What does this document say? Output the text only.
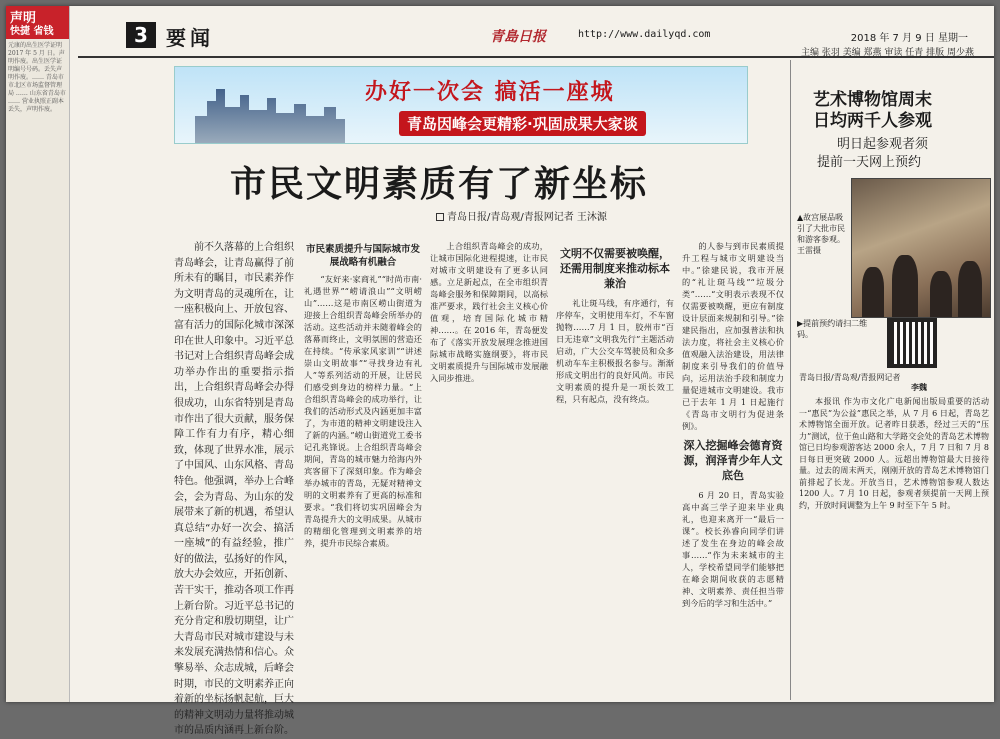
声明
快捷 省钱
元康的出生医学证明 2017 年 5 月 日。声明作废。出生医学证明编号号码。丢失声明作废。…… 青岛市市北区市场监督管理局 …… 山东省青岛市 …… 营业执照正副本丢失，声明作废。
3 要闻	青島日报	http://www.dailyqd.com	2018 年 7 月 9 日 星期一
主编 张羽 美编 郑燕 审读 任青 排版 周少燕
办好一次会 搞活一座城
青岛因峰会更精彩·巩固成果大家谈
市民文明素质有了新坐标
青岛日报/青岛观/青报网记者 王沐源

前不久落幕的上合组织青岛峰会，让青岛赢得了前所未有的瞩目，市民素养作为文明青岛的灵魂所在，让一座积极向上、开放包容、富有活力的国际化城市深深印在世人印象中。习近平总书记对上合组织青岛峰会成功举办作出的重要指示指出，上合组织青岛峰会办得很成功，山东省特别是青岛市作出了很大贡献，服务保障工作有力有序，精心细致，体现了世界水准，展示了中国风、山东风格、青岛特色。他强调，举办上合峰会，会为青岛、为山东的发展带来了新的机遇，希望认真总结“办好一次会、搞活一座城”的有益经验，推广好的做法，弘扬好的作风，放大办会效应，开拓创新、苦干实干，推动各项工作再上新台阶。习近平总书记的充分肯定和殷切期望，让广大青岛市民对城市建设与未来发展充满热情和信心。众擎易举、众志成城，后峰会时期，市民的文明素养正向着新的坐标扬帆起航，巨大的精神文明动力量将推动城市的品质内涵再上新台阶。

市民素质提升与国际城市发展战略有机融合

“友好来·家商礼”“时尚市南·礼遇世界”“崂请浪山”“文明崂山”……这是市南区崂山街道为迎接上合组织青岛峰会所举办的活动。这些活动并未随着峰会的落幕而终止，文明氛围的营造还在持续。“传承家风家训”“讲述崇山文明故事”“寻找身边有礼人”等系列活动的开展，让居民们感受到身边的榜样力量。“上合组织青岛峰会的成功举行，让我们的活动形式及内涵更加丰富了，为市道的精神文明建设注入了新的内涵。”崂山街道党工委书记孔兆锋说。上合组织青岛峰会期间，青岛的城市魅力给海内外宾客留下了深刻印象。作为峰会举办城市的青岛，无疑对精神文明的文明素养有了更高的标准和要求。“我们将切实巩固峰会为青岛提升大的文明成果。从城市的精细化管理到文明素养的培养，提升市民综合素质。

上合组织青岛峰会的成功，让城市国际化进程提速，让市民对城市文明建设有了更多认同感。立足新起点，在全市组织青岛峰会服务和保障期间，以高标准严要求，践行社会主义核心价值观，培育国际化城市精神……。在 2016 年，青岛便发布了《落实开放发展理念推进国际城市战略实施纲要》，将市民文明素质提升与国际城市发展融入同步推进。

文明不仅需要被唤醒，还需用制度来推动标本兼治

礼让斑马线，有序通行，有序停车，文明使用车灯，不车窗抛物……7 月 1 日，胶州市“百日无违章”文明我先行”主题活动启动，广大公交车驾驶员和众多机动车车主积极报名参与。渐渐形成文明出行的良好风尚。市民文明素质的提升是一项长效工程，只有起点，没有终点。

的人参与到市民素质提升工程与城市文明建设当中。”徐建民说，我市开展的“礼让斑马线”“垃圾分类”……“文明表示表现不仅仅需要被唤醒，更应有制度设计层面来规制和引导。”徐建民指出，应加强普法和执法力度，将社会主义核心价值观融入法治建设，用法律制度来引导我们的价值导向，运用法治手段和制度力量促进城市文明建设。我市已于去年 1 月 1 日起施行《青岛市文明行为促进条例》。

深入挖掘峰会德育资源，润泽青少年人文底色

6 月 20 日，青岛实验高中高三学子迎来毕业典礼，也迎来离开一“最后一课”。校长孙睿向同学们讲述了发生在身边的峰会故事……“作为未来城市的主人，学校希望同学们能够把在峰会期间收获的志愿精神、文明素养、责任担当带到今后的学习和生活中。”

艺术博物馆周末
日均两千人参观
明日起参观者须
提前一天网上预约
▲故宫展品吸引了大批市民和游客参观。王雷摄
▶提前预约请扫二维码。
青岛日报/青岛观/青报网记者
李魏

本报讯 作为市文化广电新闻出版局重要的活动一“惠民”为公益”惠民之举，从 7 月 6 日起，青岛艺术博物馆全面开放。记者昨日获悉，经过三天的“压力”测试，位于鱼山路和大学路交会处的青岛艺术博物馆已日均参观游客达 2000 余人，7 月 7 日和 7 月 8 日每日更突破 2000 人。远超出博物馆最大日接待量。过去的周末两天，刚刚开放的青岛艺术博物馆门前排起了长龙。开放当日，艺术博物馆参观人数达 1200 人。7 月 10 日起，参观者须提前一天网上预约，开放时间调整为上午 9 时至下午 5 时。
